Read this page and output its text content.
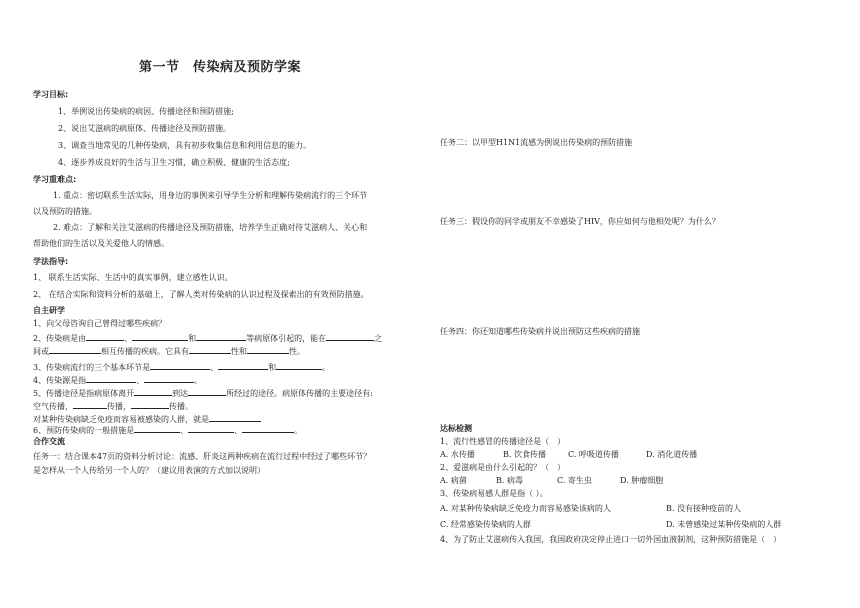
第一节　传染病及预防学案
学习目标:
1、举例说出传染病的病因、传播途径和预防措施;
2、说出艾滋病的病原体、传播途径及预防措施。
3、调查当地常见的几种传染病，具有初步收集信息和利用信息的能力。
4、逐步养成良好的生活与卫生习惯，确立积极、健康的生活态度;
学习重难点:
1. 重点：密切联系生活实际，用身边的事例来引导学生分析和理解传染病流行的三个环节
以及预防的措施。
2. 难点：了解和关注艾滋病的传播途径及预防措施，培养学生正确对待艾滋病人、关心和
帮助他们的生活以及关爱他人的情感。
学法指导:
1、 联系生活实际、生活中的真实事例，建立感性认识。
2、 在结合实际和资料分析的基础上，了解人类对传染病的认识过程及探索出的有效预防措施。
自主研学
1、向父母咨询自己曾得过哪些疾病？
2、传染病是由	、	和	等病原体引起的，能在	之
间或	相互传播的疾病。它具有	性和	性。
3、传染病流行的三个基本环节是	、	和	。
4、传染源是指	、	。
5、传播途径是指病原体离开	到达	所经过的途径。病原体传播的主要途径有:
空气传播，	传播，	传播。
对某种传染病缺乏免疫而容易被感染的人群，就是
6、预防传染病的一般措施是	、	、	。
合作交流
任务一：结合课本47页的资料分析讨论：流感、肝炎这两种疾病在流行过程中经过了哪些环节？
是怎样从一个人传给另一个人的？（建议用表演的方式加以说明）
任务二：以甲型H1N1流感为例说出传染病的预防措施
任务三：假设你的同学或朋友不幸感染了HIV，你应如何与他相处呢？为什么？
任务四：你还知道哪些传染病并说出预防这些疾病的措施
达标检测
1、流行性感冒的传播途径是（　）
A. 水传播	B. 饮食传播	C. 呼吸道传播	D. 消化道传播
2、爱滋病是由什么引起的？（　）
A. 病菌	B. 病毒	C. 寄生虫	D. 肿瘤细胞
3、传染病易感人群是指（ ）。
A. 对某种传染病缺乏免疫力而容易感染该病的人	B. 没有接种疫苗的人
C. 经常感染传染病的人群	D. 未曾感染过某种传染病的人群
4、为了防止艾滋病传入我国，我国政府决定停止进口一切外国血液制剂，这种预防措施是（　）
